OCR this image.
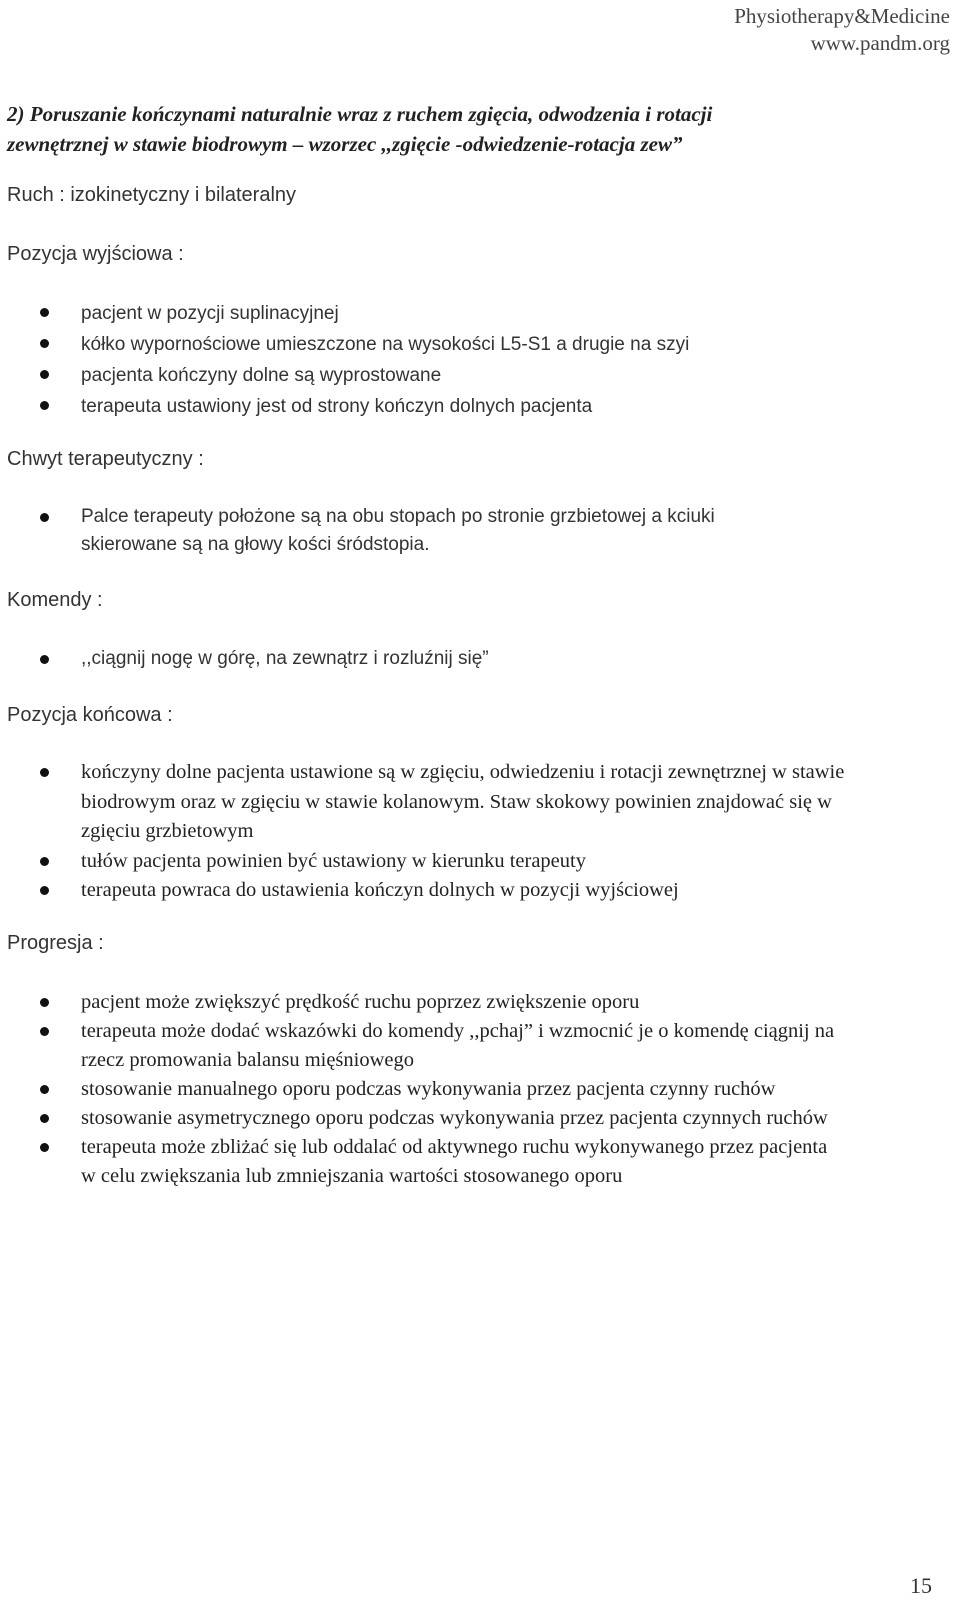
Physiotherapy&Medicine
www.pandm.org
2) Poruszanie kończynami naturalnie wraz z ruchem zgięcia, odwodzenia i rotacji
zewnętrznej w stawie biodrowym – wzorzec ,,zgięcie -odwiedzenie-rotacja zew”
Ruch : izokinetyczny i bilateralny
Pozycja wyjściowa :
pacjent w pozycji suplinacyjnej
kółko wypornościowe umieszczone na wysokości L5-S1 a drugie na szyi
pacjenta kończyny dolne są wyprostowane
terapeuta ustawiony jest od strony kończyn dolnych pacjenta
Chwyt terapeutyczny :
Palce terapeuty położone są na obu stopach po stronie grzbietowej a kciuki skierowane są na głowy kości śródstopia.
Komendy :
,,ciągnij nogę w górę, na zewnątrz i rozluźnij się”
Pozycja końcowa :
kończyny dolne pacjenta ustawione są w zgięciu, odwiedzeniu i rotacji zewnętrznej w stawie biodrowym oraz w zgięciu w stawie kolanowym. Staw skokowy powinien znajdować się w zgięciu grzbietowym
tułów pacjenta powinien być ustawiony w kierunku terapeuty
terapeuta powraca do ustawienia kończyn dolnych w pozycji wyjściowej
Progresja :
pacjent może zwiększyć prędkość ruchu poprzez zwiększenie oporu
terapeuta może dodać wskazówki do komendy ,,pchaj” i wzmocnić je o komendę ciągnij na rzecz promowania balansu mięśniowego
stosowanie manualnego oporu podczas wykonywania przez pacjenta czynny ruchów
stosowanie asymetrycznego oporu podczas wykonywania przez pacjenta czynnych ruchów
terapeuta może zbliżać się lub oddalać od aktywnego ruchu wykonywanego przez pacjenta w celu zwiększania lub zmniejszania wartości stosowanego oporu
15
